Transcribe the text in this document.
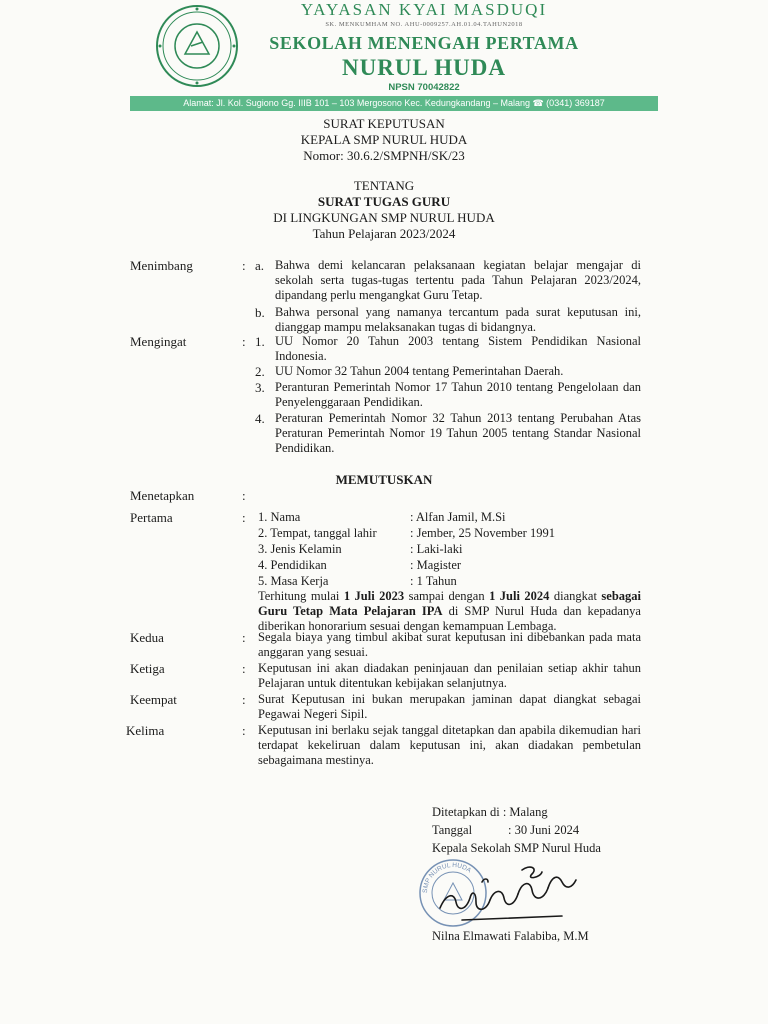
YAYASAN KYAI MASDUQI

SK. MENKUMHAM NO. AHU-0009257.AH.01.04.TAHUN2018

SEKOLAH MENENGAH PERTAMA

NURUL HUDA

NPSN 70042822

Alamat: Jl. Kol. Sugiono Gg. IIIB 101 – 103 Mergosono Kec. Kedungkandang – Malang ☎ (0341) 369187

SURAT KEPUTUSAN

KEPALA SMP NURUL HUDA

Nomor: 30.6.2/SMPNH/SK/23

TENTANG

SURAT TUGAS GURU

DI LINGKUNGAN SMP NURUL HUDA

Tahun Pelajaran 2023/2024

Menimbang	: a. Bahwa demi kelancaran pelaksanaan kegiatan belajar mengajar di sekolah serta tugas-tugas tertentu pada Tahun Pelajaran 2023/2024, dipandang perlu mengangkat Guru Tetap.

b. Bahwa personal yang namanya tercantum pada surat keputusan ini, dianggap mampu melaksanakan tugas di bidangnya.

Mengingat	: 1. UU Nomor 20 Tahun 2003 tentang Sistem Pendidikan Nasional Indonesia.

2. UU Nomor 32 Tahun 2004 tentang Pemerintahan Daerah.

3. Peranturan Pemerintah Nomor 17 Tahun 2010 tentang Pengelolaan dan Penyelenggaraan Pendidikan.

4. Peraturan Pemerintah Nomor 32 Tahun 2013 tentang Perubahan Atas Peraturan Pemerintah Nomor 19 Tahun 2005 tentang Standar Nasional Pendidikan.

MEMUTUSKAN

Menetapkan	:

Pertama	: 1. Nama	: Alfan Jamil, M.Si

2. Tempat, tanggal lahir	: Jember, 25 November 1991

3. Jenis Kelamin	: Laki-laki

4. Pendidikan	: Magister

5. Masa Kerja	: 1 Tahun

Terhitung mulai 1 Juli 2023 sampai dengan 1 Juli 2024 diangkat sebagai Guru Tetap Mata Pelajaran IPA di SMP Nurul Huda dan kepadanya diberikan honorarium sesuai dengan kemampuan Lembaga.

Kedua	: Segala biaya yang timbul akibat surat keputusan ini dibebankan pada mata anggaran yang sesuai.

Ketiga	: Keputusan ini akan diadakan peninjauan dan penilaian setiap akhir tahun Pelajaran untuk ditentukan kebijakan selanjutnya.

Keempat	: Surat Keputusan ini bukan merupakan jaminan dapat diangkat sebagai Pegawai Negeri Sipil.

Kelima	: Keputusan ini berlaku sejak tanggal ditetapkan dan apabila dikemudian hari terdapat kekeliruan dalam keputusan ini, akan diadakan pembetulan sebagaimana mestinya.

Ditetapkan di : Malang

Tanggal	: 30 Juni 2024

Kepala Sekolah SMP Nurul Huda

SMP NURUL HUDA

Nilna Elmawati Falabiba, M.M
